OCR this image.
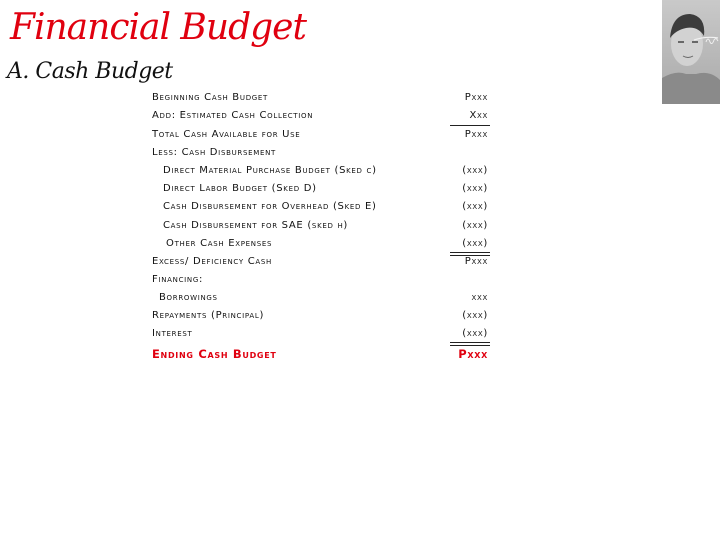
Financial Budget
A. Cash Budget
Beginning Cash Budget	Pxxx
Add: Estimated Cash Collection	Xxx
Total Cash Available for Use	Pxxx
Less: Cash Disbursement
Direct Material Purchase Budget (Sked c)	(xxx)
Direct Labor Budget (Sked D)	(xxx)
Cash Disbursement for Overhead (Sked E)	(xxx)
Cash Disbursement for SAE (sked h)	(xxx)
Other Cash Expenses	(xxx)
Excess/ Deficiency Cash	Pxxx
Financing:
Borrowings	xxx
Repayments (Principal)	(xxx)
Interest	(xxx)
Ending Cash Budget	Pxxx
